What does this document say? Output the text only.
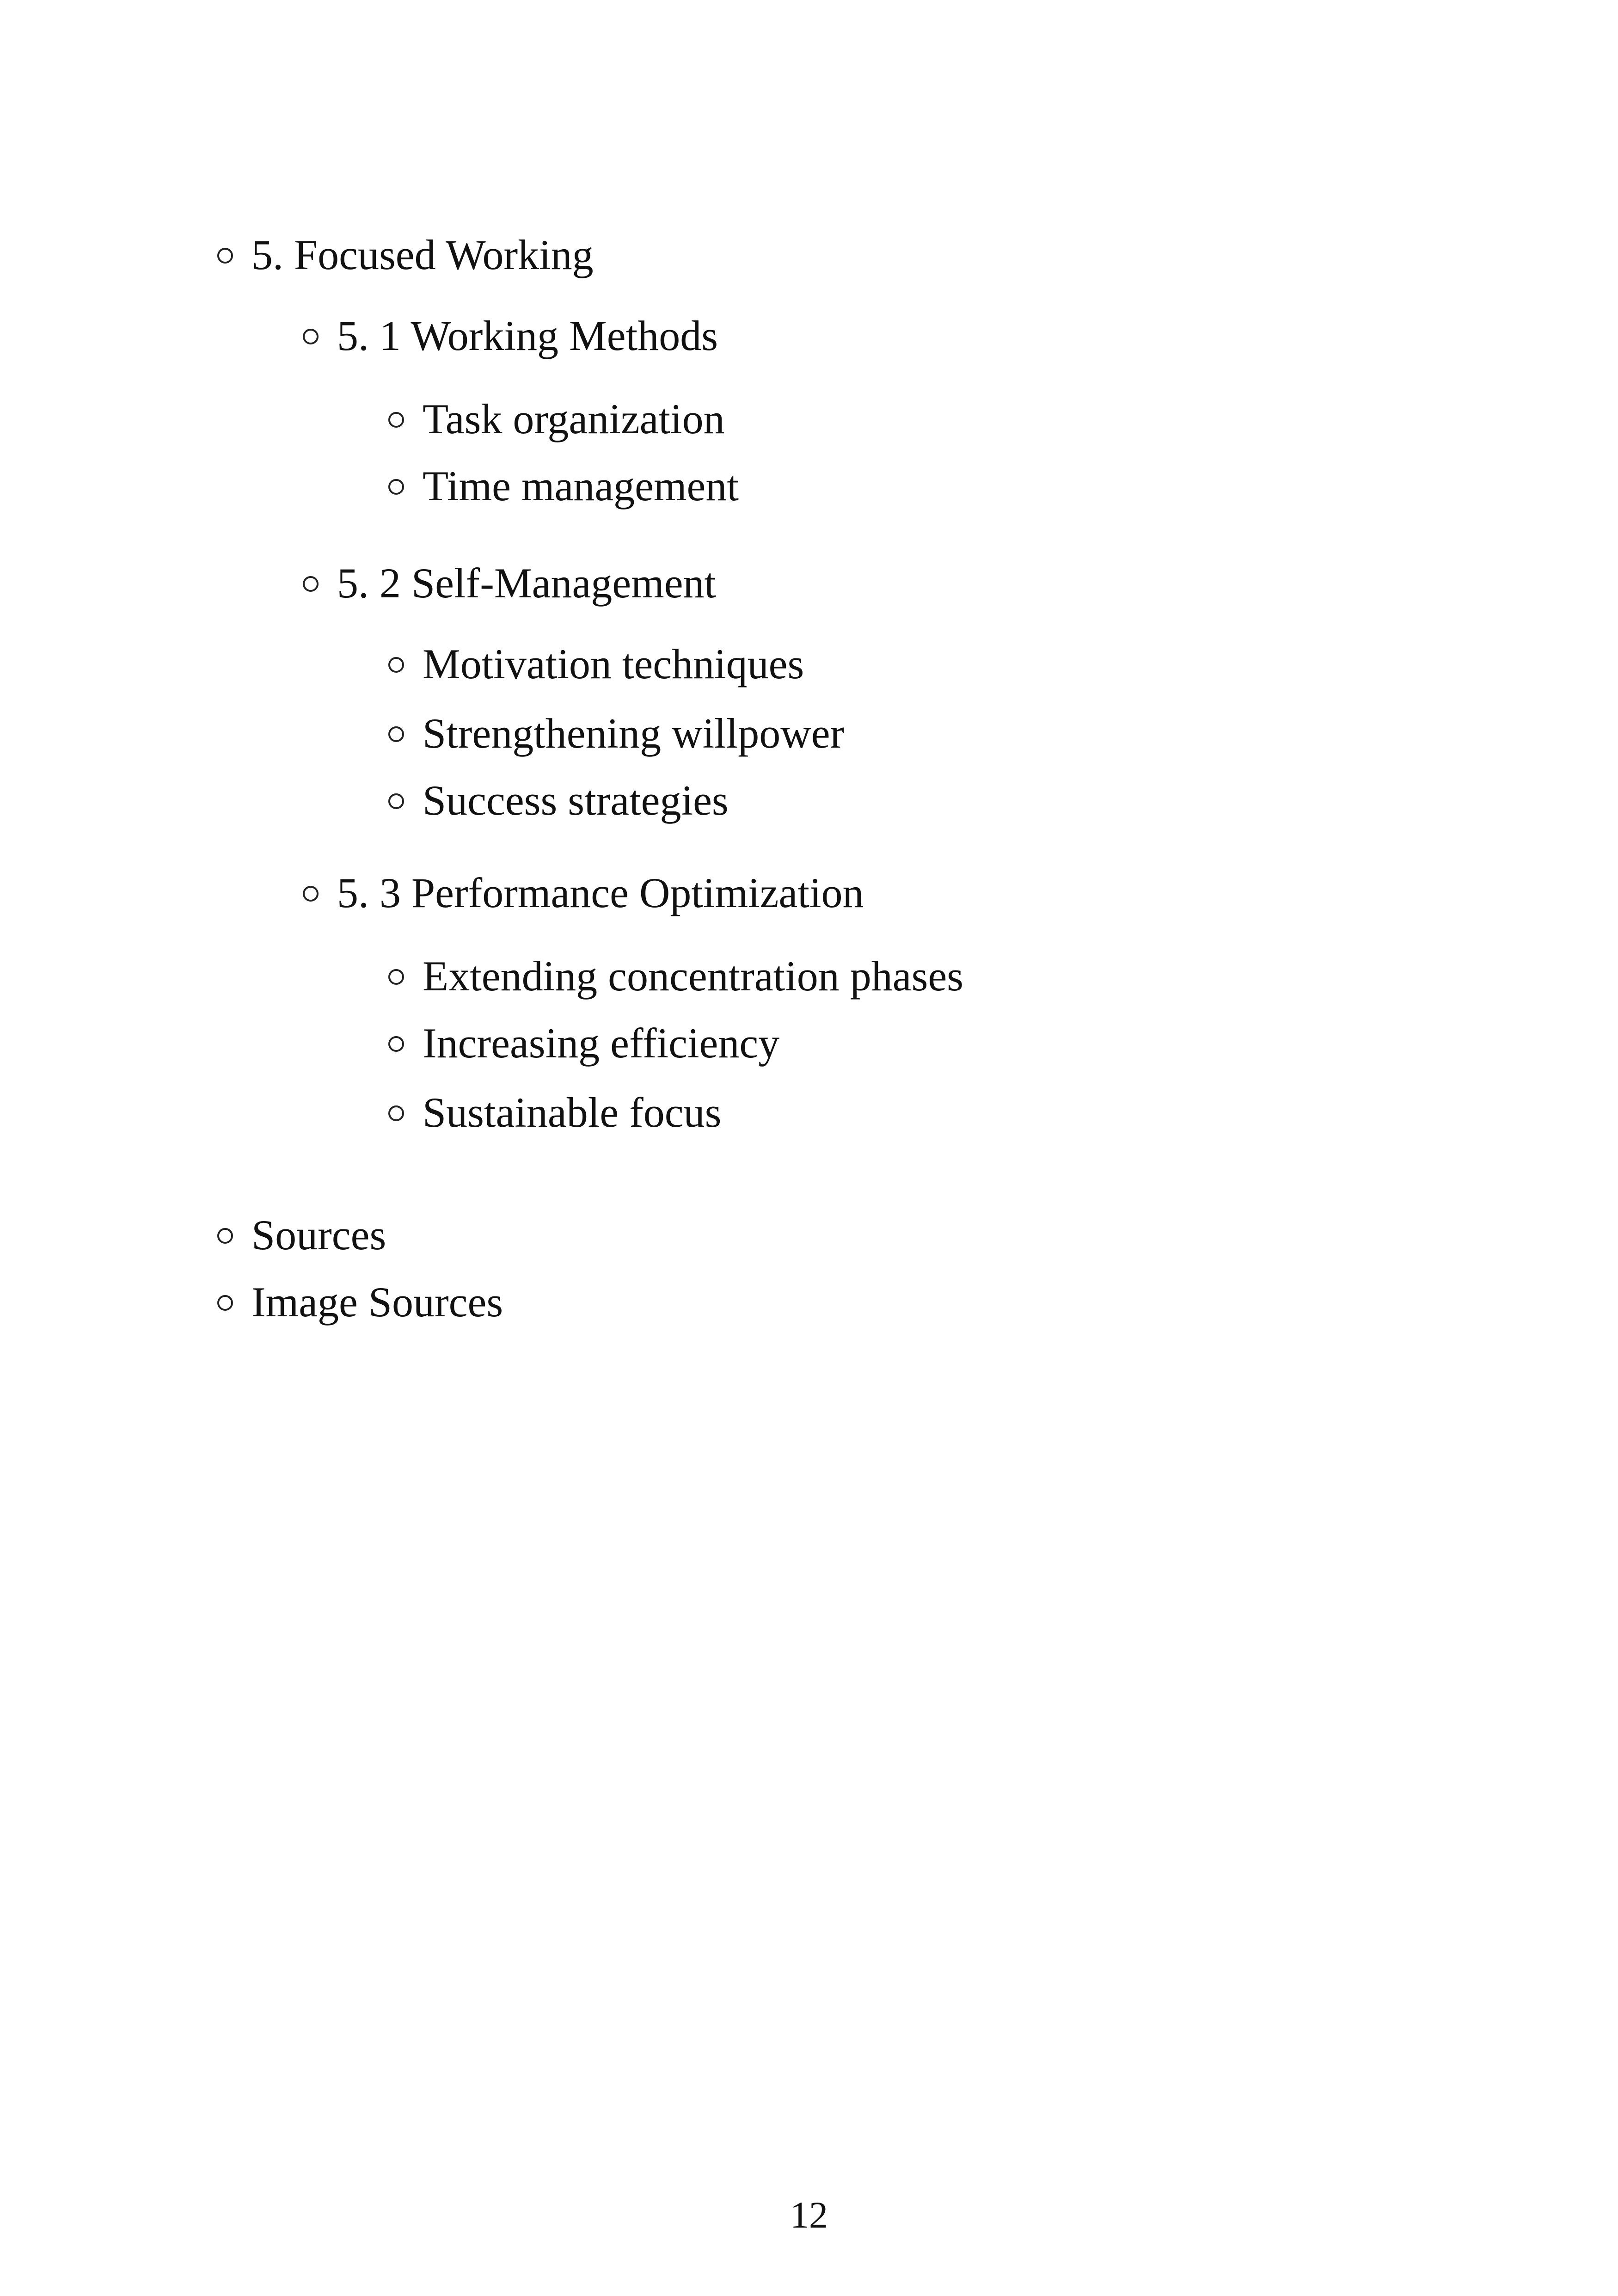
5. Focused Working
5. 1 Working Methods
Task organization
Time management
5. 2 Self-Management
Motivation techniques
Strengthening willpower
Success strategies
5. 3 Performance Optimization
Extending concentration phases
Increasing efficiency
Sustainable focus
Sources
Image Sources
12
